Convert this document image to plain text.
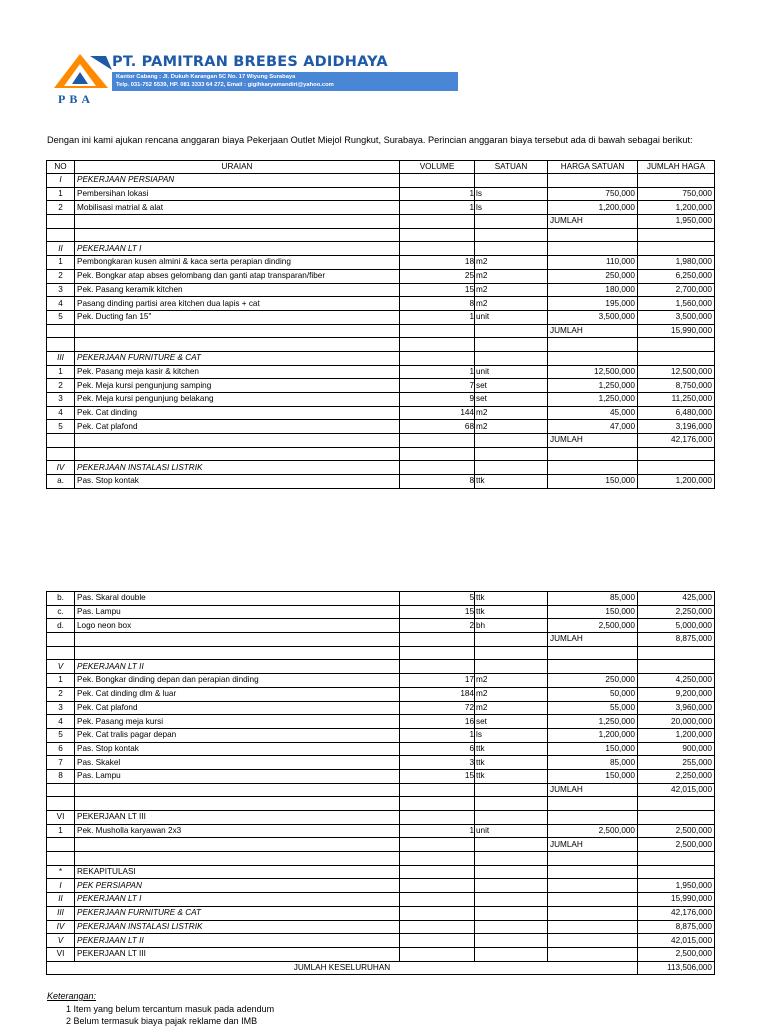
PT. PAMITRAN BREBES ADIDHAYA
Kantor Cabang : Jl. Dukuh Karangan 5C No. 17 Wiyung Surabaya
Telp. 031-752 5539, HP. 081 3333 64 272, Email : gigihkaryamandiri@yahoo.com
PBA
Dengan ini kami ajukan rencana anggaran biaya Pekerjaan Outlet Miejol Rungkut, Surabaya. Perincian anggaran biaya tersebut ada di bawah sebagai berikut:
NO	URAIAN	VOLUME	SATUAN	HARGA SATUAN	JUMLAH HAGA
I	PEKERJAAN PERSIAPAN				
1	Pembersihan lokasi	1	ls	750,000	750,000
2	Mobilisasi matrial & alat	1	ls	1,200,000	1,200,000
				JUMLAH	1,950,000

II	PEKERJAAN LT I				
1	Pembongkaran kusen almini & kaca serta perapian dinding	18	m2	110,000	1,980,000
2	Pek. Bongkar atap abses gelombang dan ganti atap transparan/fiber	25	m2	250,000	6,250,000
3	Pek. Pasang keramik kitchen	15	m2	180,000	2,700,000
4	Pasang dinding partisi area kitchen dua lapis + cat	8	m2	195,000	1,560,000
5	Pek. Ducting fan 15"	1	unit	3,500,000	3,500,000
				JUMLAH	15,990,000

III	PEKERJAAN FURNITURE & CAT				
1	Pek. Pasang meja kasir & kitchen	1	unit	12,500,000	12,500,000
2	Pek. Meja kursi pengunjung samping	7	set	1,250,000	8,750,000
3	Pek. Meja kursi pengunjung belakang	9	set	1,250,000	11,250,000
4	Pek. Cat dinding	144	m2	45,000	6,480,000
5	Pek. Cat plafond	68	m2	47,000	3,196,000
				JUMLAH	42,176,000

IV	PEKERJAAN INSTALASI LISTRIK				
a.	Pas. Stop kontak	8	ttk	150,000	1,200,000
b.	Pas. Skaral double	5	ttk	85,000	425,000
c.	Pas. Lampu	15	ttk	150,000	2,250,000
d.	Logo neon box	2	bh	2,500,000	5,000,000
				JUMLAH	8,875,000

V	PEKERJAAN LT II				
1	Pek. Bongkar dinding depan dan perapian dinding	17	m2	250,000	4,250,000
2	Pek. Cat dinding dlm & luar	184	m2	50,000	9,200,000
3	Pek. Cat plafond	72	m2	55,000	3,960,000
4	Pek. Pasang meja kursi	16	set	1,250,000	20,000,000
5	Pek. Cat tralis pagar depan	1	ls	1,200,000	1,200,000
6	Pas. Stop kontak	6	ttk	150,000	900,000
7	Pas. Skakel	3	ttk	85,000	255,000
8	Pas. Lampu	15	ttk	150,000	2,250,000
				JUMLAH	42,015,000

VI	PEKERJAAN LT III				
1	Pek. Musholla karyawan 2x3	1	unit	2,500,000	2,500,000
				JUMLAH	2,500,000

*	REKAPITULASI				
I	PEK PERSIAPAN				1,950,000
II	PEKERJAAN LT I				15,990,000
III	PEKERJAAN FURNITURE & CAT				42,176,000
IV	PEKERJAAN INSTALASI LISTRIK				8,875,000
V	PEKERJAAN LT II				42,015,000
VI	PEKERJAAN LT III				2,500,000
JUMLAH KESELURUHAN					113,506,000
Keterangan:
1 Item yang belum tercantum masuk pada adendum
2 Belum termasuk biaya pajak reklame dan IMB
